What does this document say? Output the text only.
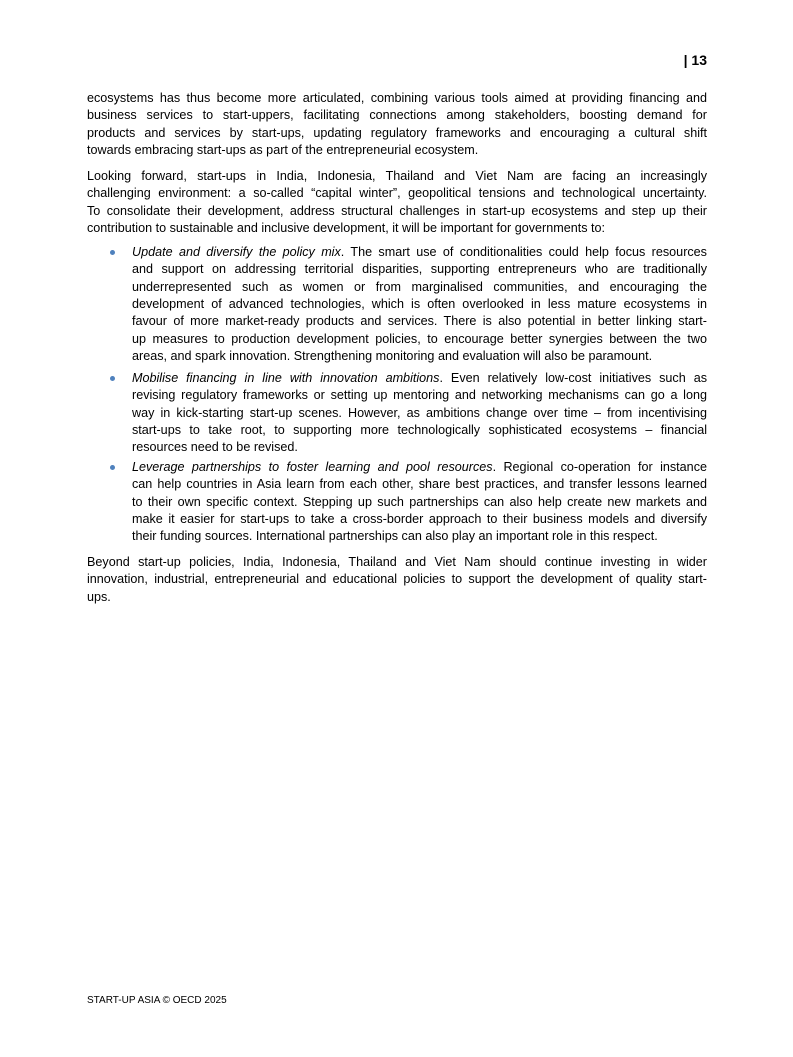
| 13
ecosystems has thus become more articulated, combining various tools aimed at providing financing and
business services to start-uppers, facilitating connections among stakeholders, boosting demand for
products and services by start-ups, updating regulatory frameworks and encouraging a cultural shift
towards embracing start-ups as part of the entrepreneurial ecosystem.
Looking forward, start-ups in India, Indonesia, Thailand and Viet Nam are facing an increasingly
challenging environment: a so-called “capital winter”, geopolitical tensions and technological uncertainty.
To consolidate their development, address structural challenges in start-up ecosystems and step up their
contribution to sustainable and inclusive development, it will be important for governments to:
Update and diversify the policy mix. The smart use of conditionalities could help focus resources
and support on addressing territorial disparities, supporting entrepreneurs who are traditionally
underrepresented such as women or from marginalised communities, and encouraging the
development of advanced technologies, which is often overlooked in less mature ecosystems in
favour of more market-ready products and services. There is also potential in better linking start-
up measures to production development policies, to encourage better synergies between the two
areas, and spark innovation. Strengthening monitoring and evaluation will also be paramount.
Mobilise financing in line with innovation ambitions. Even relatively low-cost initiatives such as
revising regulatory frameworks or setting up mentoring and networking mechanisms can go a long
way in kick-starting start-up scenes. However, as ambitions change over time – from incentivising
start-ups to take root, to supporting more technologically sophisticated ecosystems – financial
resources need to be revised.
Leverage partnerships to foster learning and pool resources. Regional co-operation for instance
can help countries in Asia learn from each other, share best practices, and transfer lessons learned
to their own specific context. Stepping up such partnerships can also help create new markets and
make it easier for start-ups to take a cross-border approach to their business models and diversify
their funding sources. International partnerships can also play an important role in this respect.
Beyond start-up policies, India, Indonesia, Thailand and Viet Nam should continue investing in wider
innovation, industrial, entrepreneurial and educational policies to support the development of quality start-
ups.
START-UP ASIA © OECD 2025
